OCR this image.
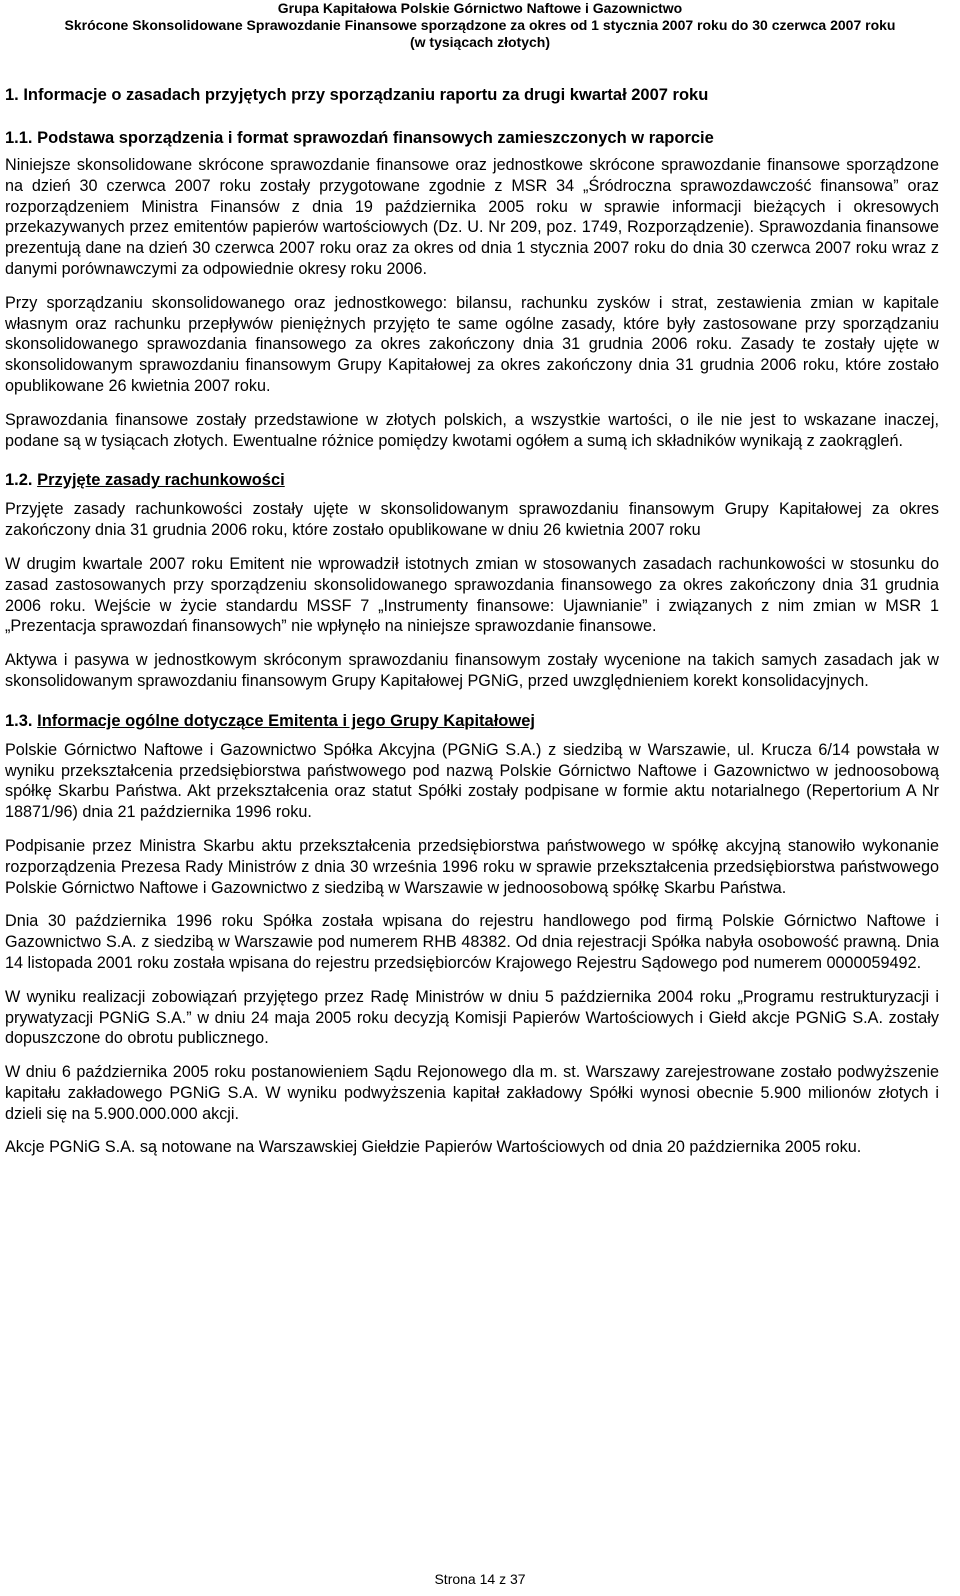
Grupa Kapitałowa Polskie Górnictwo Naftowe i Gazownictwo
Skrócone Skonsolidowane Sprawozdanie Finansowe sporządzone za okres od 1 stycznia 2007 roku do 30 czerwca 2007 roku
(w tysiącach złotych)
1. Informacje o zasadach przyjętych przy sporządzaniu raportu za drugi kwartał 2007 roku
1.1. Podstawa sporządzenia i format sprawozdań finansowych zamieszczonych w raporcie

Niniejsze skonsolidowane skrócone sprawozdanie finansowe oraz jednostkowe skrócone sprawozdanie finansowe sporządzone na dzień 30 czerwca 2007 roku zostały przygotowane zgodnie z MSR 34 „Śródroczna sprawozdawczość finansowa” oraz rozporządzeniem Ministra Finansów z dnia 19 października 2005 roku w sprawie informacji bieżących i okresowych przekazywanych przez emitentów papierów wartościowych (Dz. U. Nr 209, poz. 1749, Rozporządzenie). Sprawozdania finansowe prezentują dane na dzień 30 czerwca 2007 roku oraz za okres od dnia 1 stycznia 2007 roku do dnia 30 czerwca 2007 roku wraz z danymi porównawczymi za odpowiednie okresy roku 2006.

Przy sporządzaniu skonsolidowanego oraz jednostkowego: bilansu, rachunku zysków i strat, zestawienia zmian w kapitale własnym oraz rachunku przepływów pieniężnych przyjęto te same ogólne zasady, które były zastosowane przy sporządzaniu skonsolidowanego sprawozdania finansowego za okres zakończony dnia 31 grudnia 2006 roku. Zasady te zostały ujęte w skonsolidowanym sprawozdaniu finansowym Grupy Kapitałowej za okres zakończony dnia 31 grudnia 2006 roku, które zostało opublikowane 26 kwietnia 2007 roku.

Sprawozdania finansowe zostały przedstawione w złotych polskich, a wszystkie wartości, o ile nie jest to wskazane inaczej, podane są w tysiącach złotych. Ewentualne różnice pomiędzy kwotami ogółem a sumą ich składników wynikają z zaokrągleń.

1.2. Przyjęte zasady rachunkowości

Przyjęte zasady rachunkowości zostały ujęte w skonsolidowanym sprawozdaniu finansowym Grupy Kapitałowej za okres zakończony dnia 31 grudnia 2006 roku, które zostało opublikowane w dniu 26 kwietnia 2007 roku

W drugim kwartale 2007 roku Emitent nie wprowadził istotnych zmian w stosowanych zasadach rachunkowości w stosunku do zasad zastosowanych przy sporządzeniu skonsolidowanego sprawozdania finansowego za okres zakończony dnia 31 grudnia 2006 roku. Wejście w życie standardu MSSF 7 „Instrumenty finansowe: Ujawnianie” i związanych z nim zmian w MSR 1 „Prezentacja sprawozdań finansowych” nie wpłynęło na niniejsze sprawozdanie finansowe.

Aktywa i pasywa w jednostkowym skróconym sprawozdaniu finansowym zostały wycenione na takich samych zasadach jak w skonsolidowanym sprawozdaniu finansowym Grupy Kapitałowej PGNiG, przed uwzględnieniem korekt konsolidacyjnych.

1.3. Informacje ogólne dotyczące Emitenta i jego Grupy Kapitałowej

Polskie Górnictwo Naftowe i Gazownictwo Spółka Akcyjna (PGNiG S.A.) z siedzibą w Warszawie, ul. Krucza 6/14 powstała w wyniku przekształcenia przedsiębiorstwa państwowego pod nazwą Polskie Górnictwo Naftowe i Gazownictwo w jednoosobową spółkę Skarbu Państwa. Akt przekształcenia oraz statut Spółki zostały podpisane w formie aktu notarialnego (Repertorium A Nr 18871/96) dnia 21 października 1996 roku.

Podpisanie przez Ministra Skarbu aktu przekształcenia przedsiębiorstwa państwowego w spółkę akcyjną stanowiło wykonanie rozporządzenia Prezesa Rady Ministrów z dnia 30 września 1996 roku w sprawie przekształcenia przedsiębiorstwa państwowego Polskie Górnictwo Naftowe i Gazownictwo z siedzibą w Warszawie w jednoosobową spółkę Skarbu Państwa.

Dnia 30 października 1996 roku Spółka została wpisana do rejestru handlowego pod firmą Polskie Górnictwo Naftowe i Gazownictwo S.A. z siedzibą w Warszawie pod numerem RHB 48382. Od dnia rejestracji Spółka nabyła osobowość prawną. Dnia 14 listopada 2001 roku została wpisana do rejestru przedsiębiorców Krajowego Rejestru Sądowego pod numerem 0000059492.

W wyniku realizacji zobowiązań przyjętego przez Radę Ministrów w dniu 5 października 2004 roku „Programu restrukturyzacji i prywatyzacji PGNiG S.A.” w dniu 24 maja 2005 roku decyzją Komisji Papierów Wartościowych i Giełd akcje PGNiG S.A. zostały dopuszczone do obrotu publicznego.

W dniu 6 października 2005 roku postanowieniem Sądu Rejonowego dla m. st. Warszawy zarejestrowane zostało podwyższenie kapitału zakładowego PGNiG S.A. W wyniku podwyższenia kapitał zakładowy Spółki wynosi obecnie 5.900 milionów złotych i dzieli się na 5.900.000.000 akcji.

Akcje PGNiG S.A. są notowane na Warszawskiej Giełdzie Papierów Wartościowych od dnia 20 października 2005 roku.

Strona 14 z 37
